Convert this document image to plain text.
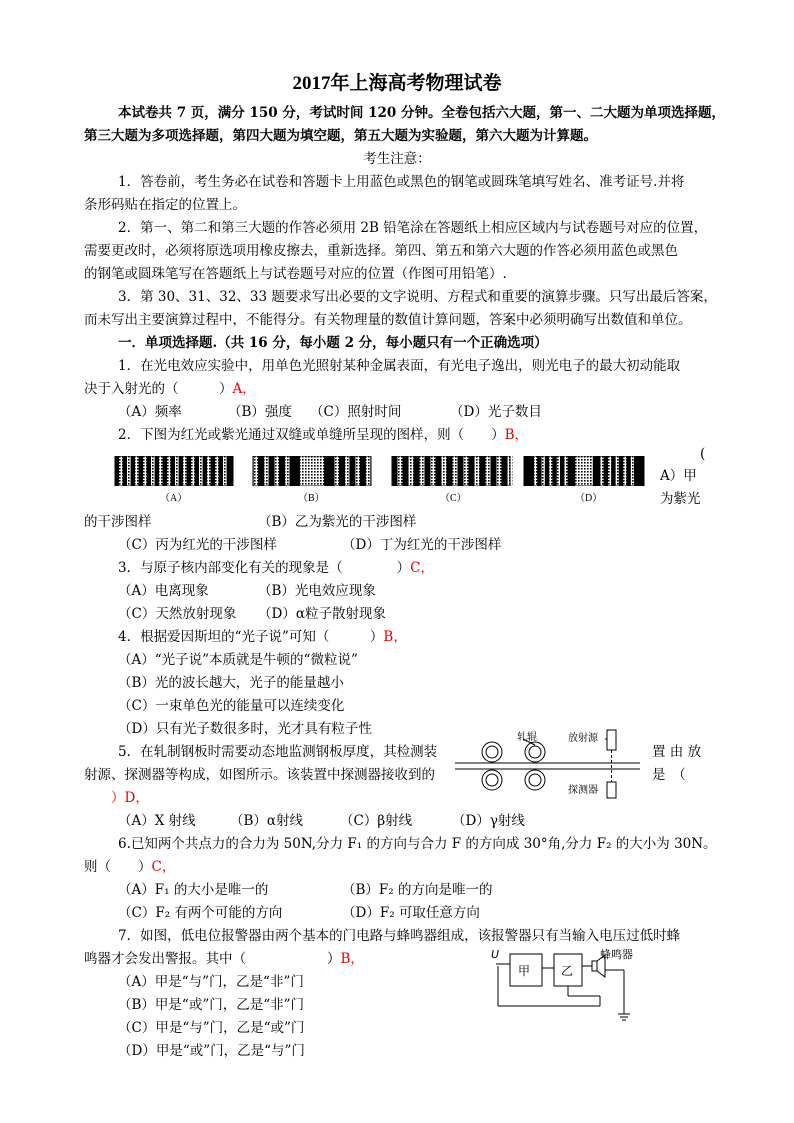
2017年上海高考物理试卷
本试卷共 7 页，满分 150 分，考试时间 120 分钟。全卷包括六大题，第一、二大题为单项选择题，
第三大题为多项选择题，第四大题为填空题，第五大题为实验题，第六大题为计算题。
考生注意：
1．答卷前，考生务必在试卷和答题卡上用蓝色或黑色的钢笔或圆珠笔填写姓名、准考证号.并将
条形码贴在指定的位置上。
2．第一、第二和第三大题的作答必须用 2B 铅笔涂在答题纸上相应区域内与试卷题号对应的位置，
需要更改时，必须将原选项用橡皮擦去，重新选择。第四、第五和第六大题的作答必须用蓝色或黑色
的钢笔或圆珠笔写在答题纸上与试卷题号对应的位置（作图可用铅笔）.
3．第 30、31、32、33 题要求写出必要的文字说明、方程式和重要的演算步骤。只写出最后答案，
而未写出主要演算过程中，不能得分。有关物理量的数值计算问题，答案中必须明确写出数值和单位。
一．单项选择题.（共 16 分，每小题 2 分，每小题只有一个正确选项）
1．在光电效应实验中，用单色光照射某种金属表面，有光电子逸出，则光电子的最大初动能取
决于入射光的（　　　）A，
（A）频率	（B）强度 （C）照射时间	（D）光子数目
2．下图为红光或紫光通过双缝或单缝所呈现的图样，则（　　）B，
(
（A）	（B）	（C）	（D）
A）甲
为紫光
的干涉图样	（B）乙为紫光的干涉图样
（C）丙为红光的干涉图样	（D）丁为红光的干涉图样
3．与原子核内部变化有关的现象是（　　　　）C，
（A）电离现象	（B）光电效应现象
（C）天然放射现象 （D）α粒子散射现象
4．根据爱因斯坦的“光子说”可知（　　　）B，
（A）“光子说”本质就是牛顿的“微粒说”
（B）光的波长越大，光子的能量越小
（C）一束单色光的能量可以连续变化
（D）只有光子数很多时，光才具有粒子性
5．在轧制钢板时需要动态地监测钢板厚度，其检测装	置 由 放
射源、探测器等构成，如图所示。该装置中探测器接收到的	是　（
　　）D，
轧辊	放射源
探测器
（A）X 射线	（B）α射线	（C）β射线	（D）γ射线
6.已知两个共点力的合力为 50N,分力 F₁ 的方向与合力 F 的方向成 30°角,分力 F₂ 的大小为 30N。
则（　　）C，
（A）F₁ 的大小是唯一的	（B）F₂ 的方向是唯一的
（C）F₂ 有两个可能的方向	（D）F₂ 可取任意方向
7．如图，低电位报警器由两个基本的门电路与蜂鸣器组成，该报警器只有当输入电压过低时蜂
鸣器才会发出警报。其中（　　　　　　）B，	U
甲	乙
蜂鸣器
（A）甲是“与”门，乙是“非”门
（B）甲是“或”门，乙是“非”门
（C）甲是“与”门，乙是“或”门
（D）甲是“或”门，乙是“与”门
